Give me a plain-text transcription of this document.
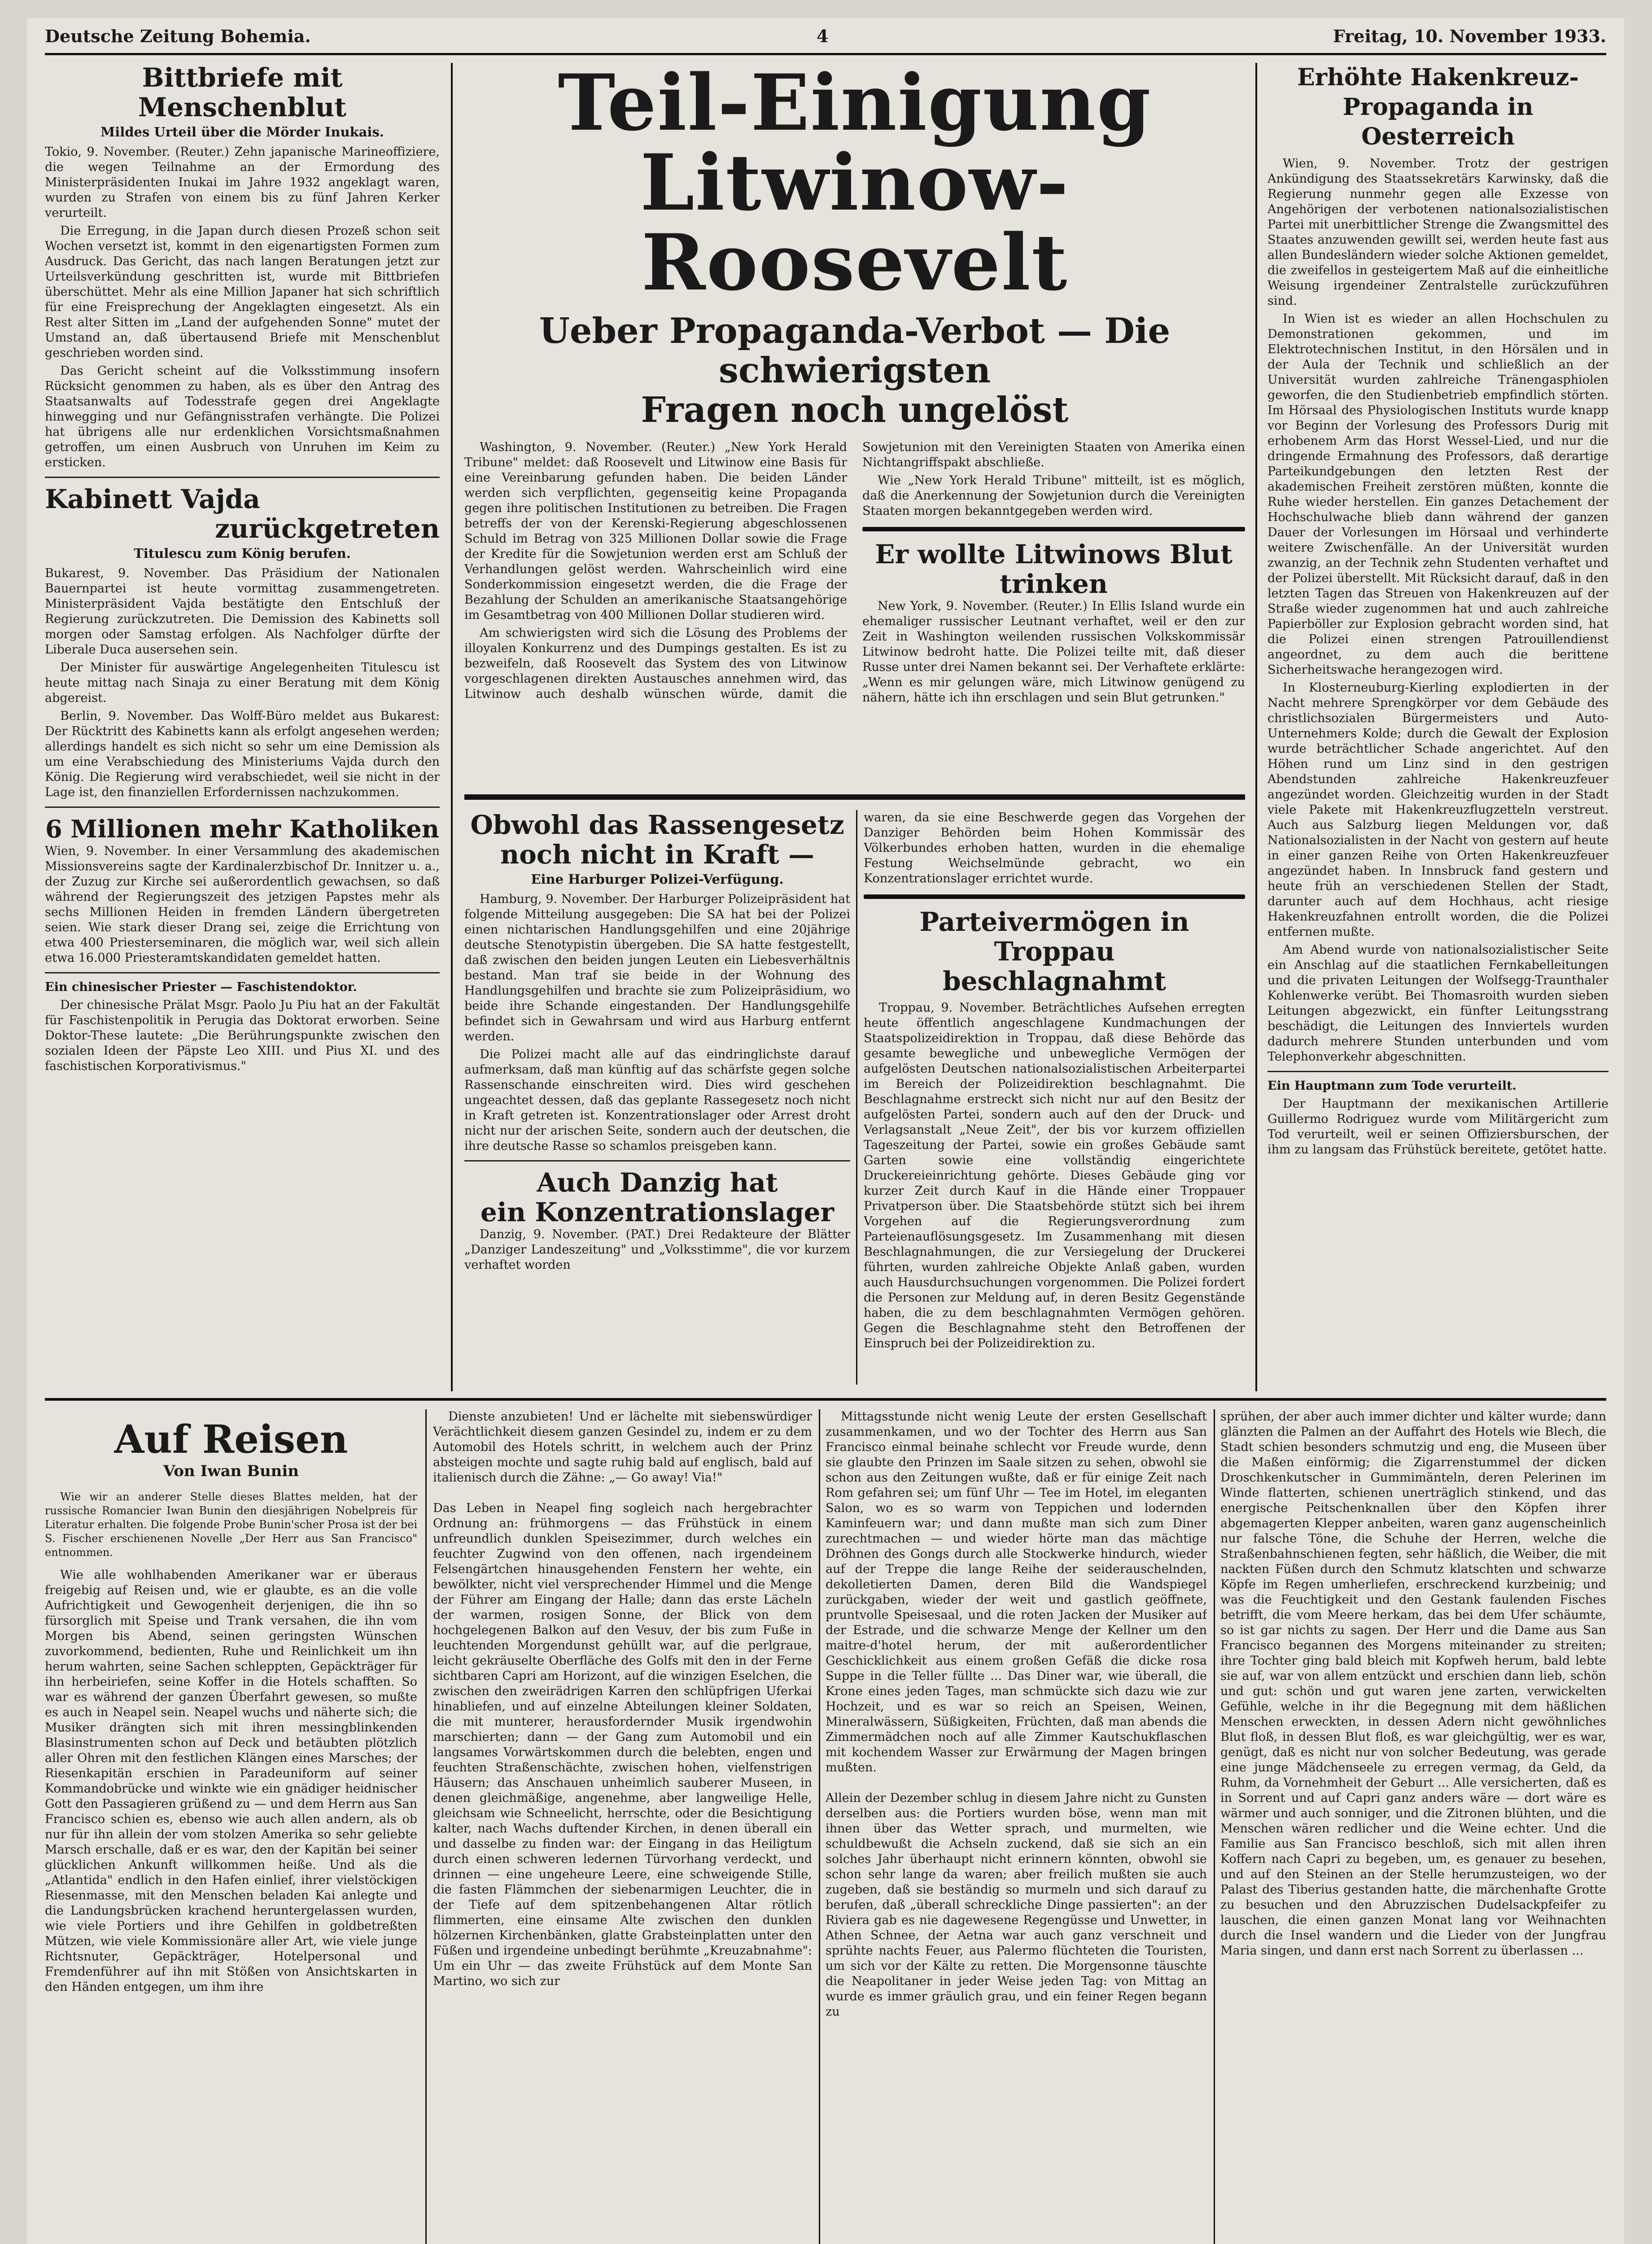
Deutsche Zeitung Bohemia.	4	Freitag, 10. November 1933.
Bittbriefe mit Menschenblut
Mildes Urteil über die Mörder Inukais.

Tokio, 9. November. (Reuter.) Zehn japanische Marineoffiziere, die wegen Teilnahme an der Ermordung des Ministerpräsidenten Inukai im Jahre 1932 angeklagt waren, wurden zu Strafen von einem bis zu fünf Jahren Kerker verurteilt.

Die Erregung, in die Japan durch diesen Prozeß schon seit Wochen versetzt ist, kommt in den eigenartigsten Formen zum Ausdruck. Das Gericht, das nach langen Beratungen jetzt zur Urteilsverkündung geschritten ist, wurde mit Bittbriefen überschüttet. Mehr als eine Million Japaner hat sich schriftlich für eine Freisprechung der Angeklagten eingesetzt. Als ein Rest alter Sitten im „Land der aufgehenden Sonne" mutet der Umstand an, daß übertausend Briefe mit Menschenblut geschrieben worden sind.

Das Gericht scheint auf die Volksstimmung insofern Rücksicht genommen zu haben, als es über den Antrag des Staatsanwalts auf Todesstrafe gegen drei Angeklagte hinwegging und nur Gefängnisstrafen verhängte. Die Polizei hat übrigens alle nur erdenklichen Vorsichtsmaßnahmen getroffen, um einen Ausbruch von Unruhen im Keim zu ersticken.

Kabinett Vajda
zurückgetreten
Titulescu zum König berufen.

Bukarest, 9. November. Das Präsidium der Nationalen Bauernpartei ist heute vormittag zusammengetreten. Ministerpräsident Vajda bestätigte den Entschluß der Regierung zurückzutreten. Die Demission des Kabinetts soll morgen oder Samstag erfolgen. Als Nachfolger dürfte der Liberale Duca ausersehen sein.

Der Minister für auswärtige Angelegenheiten Titulescu ist heute mittag nach Sinaja zu einer Beratung mit dem König abgereist.

Berlin, 9. November. Das Wolff-Büro meldet aus Bukarest: Der Rücktritt des Kabinetts kann als erfolgt angesehen werden; allerdings handelt es sich nicht so sehr um eine Demission als um eine Verabschiedung des Ministeriums Vajda durch den König. Die Regierung wird verabschiedet, weil sie nicht in der Lage ist, den finanziellen Erfordernissen nachzukommen.

6 Millionen mehr Katholiken

Wien, 9. November. In einer Versammlung des akademischen Missionsvereins sagte der Kardinalerzbischof Dr. Innitzer u. a., der Zuzug zur Kirche sei außerordentlich gewachsen, so daß während der Regierungszeit des jetzigen Papstes mehr als sechs Millionen Heiden in fremden Ländern übergetreten seien. Wie stark dieser Drang sei, zeige die Errichtung von etwa 400 Priesterseminaren, die möglich war, weil sich allein etwa 16.000 Priesteramtskandidaten gemeldet hatten.

Ein chinesischer Priester — Faschistendoktor.

Der chinesische Prälat Msgr. Paolo Ju Piu hat an der Fakultät für Faschistenpolitik in Perugia das Doktorat erworben. Seine Doktor-These lautete: „Die Berührungspunkte zwischen den sozialen Ideen der Päpste Leo XIII. und Pius XI. und des faschistischen Korporativismus."

Teil-Einigung
Litwinow-Roosevelt
Ueber Propaganda-Verbot — Die schwierigsten
Fragen noch ungelöst

Washington, 9. November. (Reuter.) „New York Herald Tribune" meldet: daß Roosevelt und Litwinow eine Basis für eine Vereinbarung gefunden haben. Die beiden Länder werden sich verpflichten, gegenseitig keine Propaganda gegen ihre politischen Institutionen zu betreiben. Die Fragen betreffs der von der Kerenski-Regierung abgeschlossenen Schuld im Betrag von 325 Millionen Dollar sowie die Frage der Kredite für die Sowjetunion werden erst am Schluß der Verhandlungen gelöst werden. Wahrscheinlich wird eine Sonderkommission eingesetzt werden, die die Frage der Bezahlung der Schulden an amerikanische Staatsangehörige im Gesamtbetrag von 400 Millionen Dollar studieren wird.

Am schwierigsten wird sich die Lösung des Problems der illoyalen Konkurrenz und des Dumpings gestalten. Es ist zu bezweifeln, daß Roosevelt das System des von Litwinow vorgeschlagenen direkten Austausches annehmen wird, das Litwinow auch deshalb wünschen würde, damit die Sowjetunion mit den Vereinigten Staaten von Amerika einen Nichtangriffspakt abschließe.

Wie „New York Herald Tribune" mitteilt, ist es möglich, daß die Anerkennung der Sowjetunion durch die Vereinigten Staaten morgen bekanntgegeben werden wird.

Er wollte Litwinows Blut
trinken

New York, 9. November. (Reuter.) In Ellis Island wurde ein ehemaliger russischer Leutnant verhaftet, weil er den zur Zeit in Washington weilenden russischen Volkskommissär Litwinow bedroht hatte. Die Polizei teilte mit, daß dieser Russe unter drei Namen bekannt sei. Der Verhaftete erklärte: „Wenn es mir gelungen wäre, mich Litwinow genügend zu nähern, hätte ich ihn erschlagen und sein Blut getrunken."

Obwohl das Rassengesetz
noch nicht in Kraft —
Eine Harburger Polizei-Verfügung.

Hamburg, 9. November. Der Harburger Polizeipräsident hat folgende Mitteilung ausgegeben: Die SA hat bei der Polizei einen nichtarischen Handlungsgehilfen und eine 20jährige deutsche Stenotypistin übergeben. Die SA hatte festgestellt, daß zwischen den beiden jungen Leuten ein Liebesverhältnis bestand. Man traf sie beide in der Wohnung des Handlungsgehilfen und brachte sie zum Polizeipräsidium, wo beide ihre Schande eingestanden. Der Handlungsgehilfe befindet sich in Gewahrsam und wird aus Harburg entfernt werden.

Die Polizei macht alle auf das eindringlichste darauf aufmerksam, daß man künftig auf das schärfste gegen solche Rassenschande einschreiten wird. Dies wird geschehen ungeachtet dessen, daß das geplante Rassegesetz noch nicht in Kraft getreten ist. Konzentrationslager oder Arrest droht nicht nur der arischen Seite, sondern auch der deutschen, die ihre deutsche Rasse so schamlos preisgeben kann.

Auch Danzig hat
ein Konzentrationslager

Danzig, 9. November. (PAT.) Drei Redakteure der Blätter „Danziger Landeszeitung" und „Volksstimme", die vor kurzem verhaftet worden

waren, da sie eine Beschwerde gegen das Vorgehen der Danziger Behörden beim Hohen Kommissär des Völkerbundes erhoben hatten, wurden in die ehemalige Festung Weichselmünde gebracht, wo ein Konzentrationslager errichtet wurde.

Parteivermögen in Troppau
beschlagnahmt

Troppau, 9. November. Beträchtliches Aufsehen erregten heute öffentlich angeschlagene Kundmachungen der Staatspolizeidirektion in Troppau, daß diese Behörde das gesamte bewegliche und unbewegliche Vermögen der aufgelösten Deutschen nationalsozialistischen Arbeiterpartei im Bereich der Polizeidirektion beschlagnahmt. Die Beschlagnahme erstreckt sich nicht nur auf den Besitz der aufgelösten Partei, sondern auch auf den der Druck- und Verlagsanstalt „Neue Zeit", der bis vor kurzem offiziellen Tageszeitung der Partei, sowie ein großes Gebäude samt Garten sowie eine vollständig eingerichtete Druckereieinrichtung gehörte. Dieses Gebäude ging vor kurzer Zeit durch Kauf in die Hände einer Troppauer Privatperson über. Die Staatsbehörde stützt sich bei ihrem Vorgehen auf die Regierungsverordnung zum Parteienauflösungsgesetz. Im Zusammenhang mit diesen Beschlagnahmungen, die zur Versiegelung der Druckerei führten, wurden zahlreiche Objekte Anlaß gaben, wurden auch Hausdurchsuchungen vorgenommen. Die Polizei fordert die Personen zur Meldung auf, in deren Besitz Gegenstände haben, die zu dem beschlagnahmten Vermögen gehören. Gegen die Beschlagnahme steht den Betroffenen der Einspruch bei der Polizeidirektion zu.

Erhöhte Hakenkreuz-
Propaganda in Oesterreich

Wien, 9. November. Trotz der gestrigen Ankündigung des Staatssekretärs Karwinsky, daß die Regierung nunmehr gegen alle Exzesse von Angehörigen der verbotenen nationalsozialistischen Partei mit unerbittlicher Strenge die Zwangsmittel des Staates anzuwenden gewillt sei, werden heute fast aus allen Bundesländern wieder solche Aktionen gemeldet, die zweifellos in gesteigertem Maß auf die einheitliche Weisung irgendeiner Zentralstelle zurückzuführen sind.

In Wien ist es wieder an allen Hochschulen zu Demonstrationen gekommen, und im Elektrotechnischen Institut, in den Hörsälen und in der Aula der Technik und schließlich an der Universität wurden zahlreiche Tränengasphiolen geworfen, die den Studienbetrieb empfindlich störten. Im Hörsaal des Physiologischen Instituts wurde knapp vor Beginn der Vorlesung des Professors Durig mit erhobenem Arm das Horst Wessel-Lied, und nur die dringende Ermahnung des Professors, daß derartige Parteikundgebungen den letzten Rest der akademischen Freiheit zerstören müßten, konnte die Ruhe wieder herstellen. Ein ganzes Detachement der Hochschulwache blieb dann während der ganzen Dauer der Vorlesungen im Hörsaal und verhinderte weitere Zwischenfälle. An der Universität wurden zwanzig, an der Technik zehn Studenten verhaftet und der Polizei überstellt. Mit Rücksicht darauf, daß in den letzten Tagen das Streuen von Hakenkreuzen auf der Straße wieder zugenommen hat und auch zahlreiche Papierböller zur Explosion gebracht worden sind, hat die Polizei einen strengen Patrouillendienst angeordnet, zu dem auch die berittene Sicherheitswache herangezogen wird.

In Klosterneuburg-Kierling explodierten in der Nacht mehrere Sprengkörper vor dem Gebäude des christlichsozialen Bürgermeisters und Auto-Unternehmers Kolde; durch die Gewalt der Explosion wurde beträchtlicher Schade angerichtet. Auf den Höhen rund um Linz sind in den gestrigen Abendstunden zahlreiche Hakenkreuzfeuer angezündet worden. Gleichzeitig wurden in der Stadt viele Pakete mit Hakenkreuzflugzetteln verstreut. Auch aus Salzburg liegen Meldungen vor, daß Nationalsozialisten in der Nacht von gestern auf heute in einer ganzen Reihe von Orten Hakenkreuzfeuer angezündet haben. In Innsbruck fand gestern und heute früh an verschiedenen Stellen der Stadt, darunter auch auf dem Hochhaus, acht riesige Hakenkreuzfahnen entrollt worden, die die Polizei entfernen mußte.

Am Abend wurde von nationalsozialistischer Seite ein Anschlag auf die staatlichen Fernkabelleitungen und die privaten Leitungen der Wolfsegg-Traunthaler Kohlenwerke verübt. Bei Thomasroith wurden sieben Leitungen abgezwickt, ein fünfter Leitungsstrang beschädigt, die Leitungen des Innviertels wurden dadurch mehrere Stunden unterbunden und vom Telephonverkehr abgeschnitten.

Ein Hauptmann zum Tode verurteilt.

Der Hauptmann der mexikanischen Artillerie Guillermo Rodriguez wurde vom Militärgericht zum Tod verurteilt, weil er seinen Offiziersburschen, der ihm zu langsam das Frühstück bereitete, getötet hatte.

Auf Reisen
Von Iwan Bunin

Wie wir an anderer Stelle dieses Blattes melden, hat der russische Romancier Iwan Bunin den diesjährigen Nobelpreis für Literatur erhalten. Die folgende Probe Bunin'scher Prosa ist der bei S. Fischer erschienenen Novelle „Der Herr aus San Francisco" entnommen.

Wie alle wohlhabenden Amerikaner war er überaus freigebig auf Reisen und, wie er glaubte, es an die volle Aufrichtigkeit und Gewogenheit derjenigen, die ihn so fürsorglich mit Speise und Trank versahen, die ihn vom Morgen bis Abend, seinen geringsten Wünschen zuvorkommend, bedienten, Ruhe und Reinlichkeit um ihn herum wahrten, seine Sachen schleppten, Gepäckträger für ihn herbeiriefen, seine Koffer in die Hotels schafften. So war es während der ganzen Überfahrt gewesen, so mußte es auch in Neapel sein. Neapel wuchs und näherte sich; die Musiker drängten sich mit ihren messingblinkenden Blasinstrumenten schon auf Deck und betäubten plötzlich aller Ohren mit den festlichen Klängen eines Marsches; der Riesenkapitän erschien in Paradeuniform auf seiner Kommandobrücke und winkte wie ein gnädiger heidnischer Gott den Passagieren grüßend zu — und dem Herrn aus San Francisco schien es, ebenso wie auch allen andern, als ob nur für ihn allein der vom stolzen Amerika so sehr geliebte Marsch erschalle, daß er es war, den der Kapitän bei seiner glücklichen Ankunft willkommen heiße. Und als die „Atlantida" endlich in den Hafen einlief, ihrer vielstöckigen Riesenmasse, mit den Menschen beladen Kai anlegte und die Landungsbrücken krachend heruntergelassen wurden, wie viele Portiers und ihre Gehilfen in goldbetreßten Mützen, wie viele Kommissionäre aller Art, wie viele junge Richtsnuter, Gepäckträger, Hotelpersonal und Fremdenführer auf ihn mit Stößen von Ansichtskarten in den Händen entgegen, um ihm ihre

Dienste anzubieten! Und er lächelte mit siebenswürdiger Verächtlichkeit diesem ganzen Gesindel zu, indem er zu dem Automobil des Hotels schritt, in welchem auch der Prinz absteigen mochte und sagte ruhig bald auf englisch, bald auf italienisch durch die Zähne: „— Go away! Via!"

Das Leben in Neapel fing sogleich nach hergebrachter Ordnung an: frühmorgens — das Frühstück in einem unfreundlich dunklen Speisezimmer, durch welches ein feuchter Zugwind von den offenen, nach irgendeinem Felsengärtchen hinausgehenden Fenstern her wehte, ein bewölkter, nicht viel versprechender Himmel und die Menge der Führer am Eingang der Halle; dann das erste Lächeln der warmen, rosigen Sonne, der Blick von dem hochgelegenen Balkon auf den Vesuv, der bis zum Fuße in leuchtenden Morgendunst gehüllt war, auf die perlgraue, leicht gekräuselte Oberfläche des Golfs mit den in der Ferne sichtbaren Capri am Horizont, auf die winzigen Eselchen, die zwischen den zweirädrigen Karren den schlüpfrigen Uferkai hinabliefen, und auf einzelne Abteilungen kleiner Soldaten, die mit munterer, herausfordernder Musik irgendwohin marschierten; dann — der Gang zum Automobil und ein langsames Vorwärtskommen durch die belebten, engen und feuchten Straßenschächte, zwischen hohen, vielfenstrigen Häusern; das Anschauen unheimlich sauberer Museen, in denen gleichmäßige, angenehme, aber langweilige Helle, gleichsam wie Schneelicht, herrschte, oder die Besichtigung kalter, nach Wachs duftender Kirchen, in denen überall ein und dasselbe zu finden war: der Eingang in das Heiligtum durch einen schweren ledernen Türvorhang verdeckt, und drinnen — eine ungeheure Leere, eine schweigende Stille, die fasten Flämmchen der siebenarmigen Leuchter, die in der Tiefe auf dem spitzenbehangenen Altar rötlich flimmerten, eine einsame Alte zwischen den dunklen hölzernen Kirchenbänken, glatte Grabsteinplatten unter den Füßen und irgendeine unbedingt berühmte „Kreuzabnahme": Um ein Uhr — das zweite Frühstück auf dem Monte San Martino, wo sich zur

Mittagsstunde nicht wenig Leute der ersten Gesellschaft zusammenkamen, und wo der Tochter des Herrn aus San Francisco einmal beinahe schlecht vor Freude wurde, denn sie glaubte den Prinzen im Saale sitzen zu sehen, obwohl sie schon aus den Zeitungen wußte, daß er für einige Zeit nach Rom gefahren sei; um fünf Uhr — Tee im Hotel, im eleganten Salon, wo es so warm von Teppichen und lodernden Kaminfeuern war; und dann mußte man sich zum Diner zurechtmachen — und wieder hörte man das mächtige Dröhnen des Gongs durch alle Stockwerke hindurch, wieder auf der Treppe die lange Reihe der seiderauschelnden, dekolletierten Damen, deren Bild die Wandspiegel zurückgaben, wieder der weit und gastlich geöffnete, pruntvolle Speisesaal, und die roten Jacken der Musiker auf der Estrade, und die schwarze Menge der Kellner um den maitre-d'hotel herum, der mit außerordentlicher Geschicklichkeit aus einem großen Gefäß die dicke rosa Suppe in die Teller füllte ... Das Diner war, wie überall, die Krone eines jeden Tages, man schmückte sich dazu wie zur Hochzeit, und es war so reich an Speisen, Weinen, Mineralwässern, Süßigkeiten, Früchten, daß man abends die Zimmermädchen noch auf alle Zimmer Kautschukflaschen mit kochendem Wasser zur Erwärmung der Magen bringen mußten.

Allein der Dezember schlug in diesem Jahre nicht zu Gunsten derselben aus: die Portiers wurden böse, wenn man mit ihnen über das Wetter sprach, und murmelten, wie schuldbewußt die Achseln zuckend, daß sie sich an ein solches Jahr überhaupt nicht erinnern könnten, obwohl sie schon sehr lange da waren; aber freilich mußten sie auch zugeben, daß sie beständig so murmeln und sich darauf zu berufen, daß „überall schreckliche Dinge passierten": an der Riviera gab es nie dagewesene Regengüsse und Unwetter, in Athen Schnee, der Aetna war auch ganz verschneit und sprühte nachts Feuer, aus Palermo flüchteten die Touristen, um sich vor der Kälte zu retten. Die Morgensonne täuschte die Neapolitaner in jeder Weise jeden Tag: von Mittag an wurde es immer gräulich grau, und ein feiner Regen begann zu

sprühen, der aber auch immer dichter und kälter wurde; dann glänzten die Palmen an der Auffahrt des Hotels wie Blech, die Stadt schien besonders schmutzig und eng, die Museen über die Maßen einförmig; die Zigarrenstummel der dicken Droschkenkutscher in Gummimänteln, deren Pelerinen im Winde flatterten, schienen unerträglich stinkend, und das energische Peitschenknallen über den Köpfen ihrer abgemagerten Klepper anbeiten, waren ganz augenscheinlich nur falsche Töne, die Schuhe der Herren, welche die Straßenbahnschienen fegten, sehr häßlich, die Weiber, die mit nackten Füßen durch den Schmutz klatschten und schwarze Köpfe im Regen umherliefen, erschreckend kurzbeinig; und was die Feuchtigkeit und den Gestank faulenden Fisches betrifft, die vom Meere herkam, das bei dem Ufer schäumte, so ist gar nichts zu sagen. Der Herr und die Dame aus San Francisco begannen des Morgens miteinander zu streiten; ihre Tochter ging bald bleich mit Kopfweh herum, bald lebte sie auf, war von allem entzückt und erschien dann lieb, schön und gut: schön und gut waren jene zarten, verwickelten Gefühle, welche in ihr die Begegnung mit dem häßlichen Menschen erweckten, in dessen Adern nicht gewöhnliches Blut floß, in dessen Blut floß, es war gleichgültig, wer es war, genügt, daß es nicht nur von solcher Bedeutung, was gerade eine junge Mädchenseele zu erregen vermag, da Geld, da Ruhm, da Vornehmheit der Geburt ... Alle versicherten, daß es in Sorrent und auf Capri ganz anders wäre — dort wäre es wärmer und auch sonniger, und die Zitronen blühten, und die Menschen wären redlicher und die Weine echter. Und die Familie aus San Francisco beschloß, sich mit allen ihren Koffern nach Capri zu begeben, um, es genauer zu besehen, und auf den Steinen an der Stelle herumzusteigen, wo der Palast des Tiberius gestanden hatte, die märchenhafte Grotte zu besuchen und den Abruzzischen Dudelsackpfeifer zu lauschen, die einen ganzen Monat lang vor Weihnachten durch die Insel wandern und die Lieder von der Jungfrau Maria singen, und dann erst nach Sorrent zu überlassen ...
